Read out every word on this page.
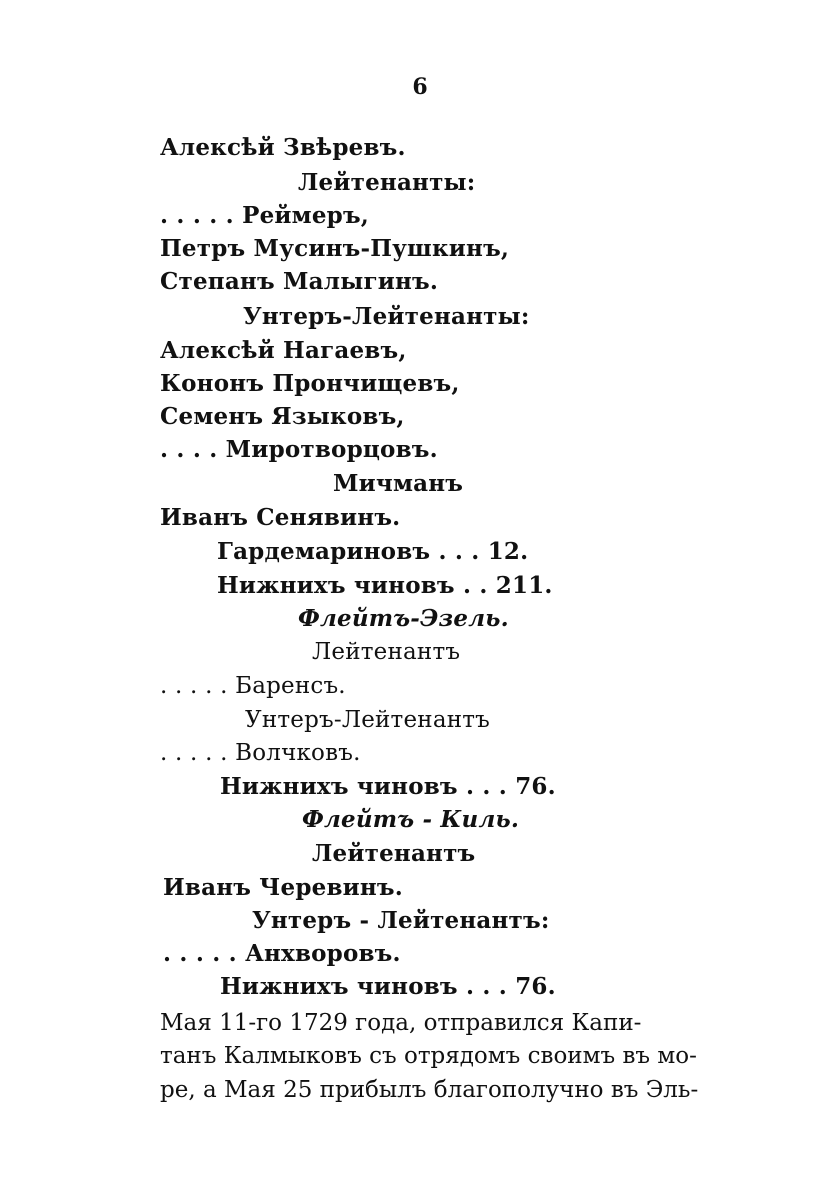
6
Алексѣй Звѣревъ.
Лейтенанты:
. . . . . Реймеръ,
Петръ Мусинъ-Пушкинъ,
Степанъ Малыгинъ.
Унтеръ-Лейтенанты:
Алексѣй Нагаевъ,
Кононъ Прончищевъ,
Семенъ Языковъ,
. . . . Миротворцовъ.
Мичманъ
Иванъ Сенявинъ.
Гардемариновъ . . . 12.
Нижнихъ чиновъ . . 211.
Флейтъ-Эзель.
Лейтенантъ
. . . . . Баренсъ.
Унтеръ-Лейтенантъ
. . . . . Волчковъ.
Нижнихъ чиновъ . . . 76.
Флейтъ - Киль.
Лейтенантъ
Иванъ Черевинъ.
Унтеръ - Лейтенантъ:
. . . . . Анхворовъ.
Нижнихъ чиновъ . . . 76.
Мая 11-го 1729 года, отправился Капи-
танъ Калмыковъ съ отрядомъ своимъ въ мо-
ре, а Мая 25 прибылъ благополучно въ Эль-
